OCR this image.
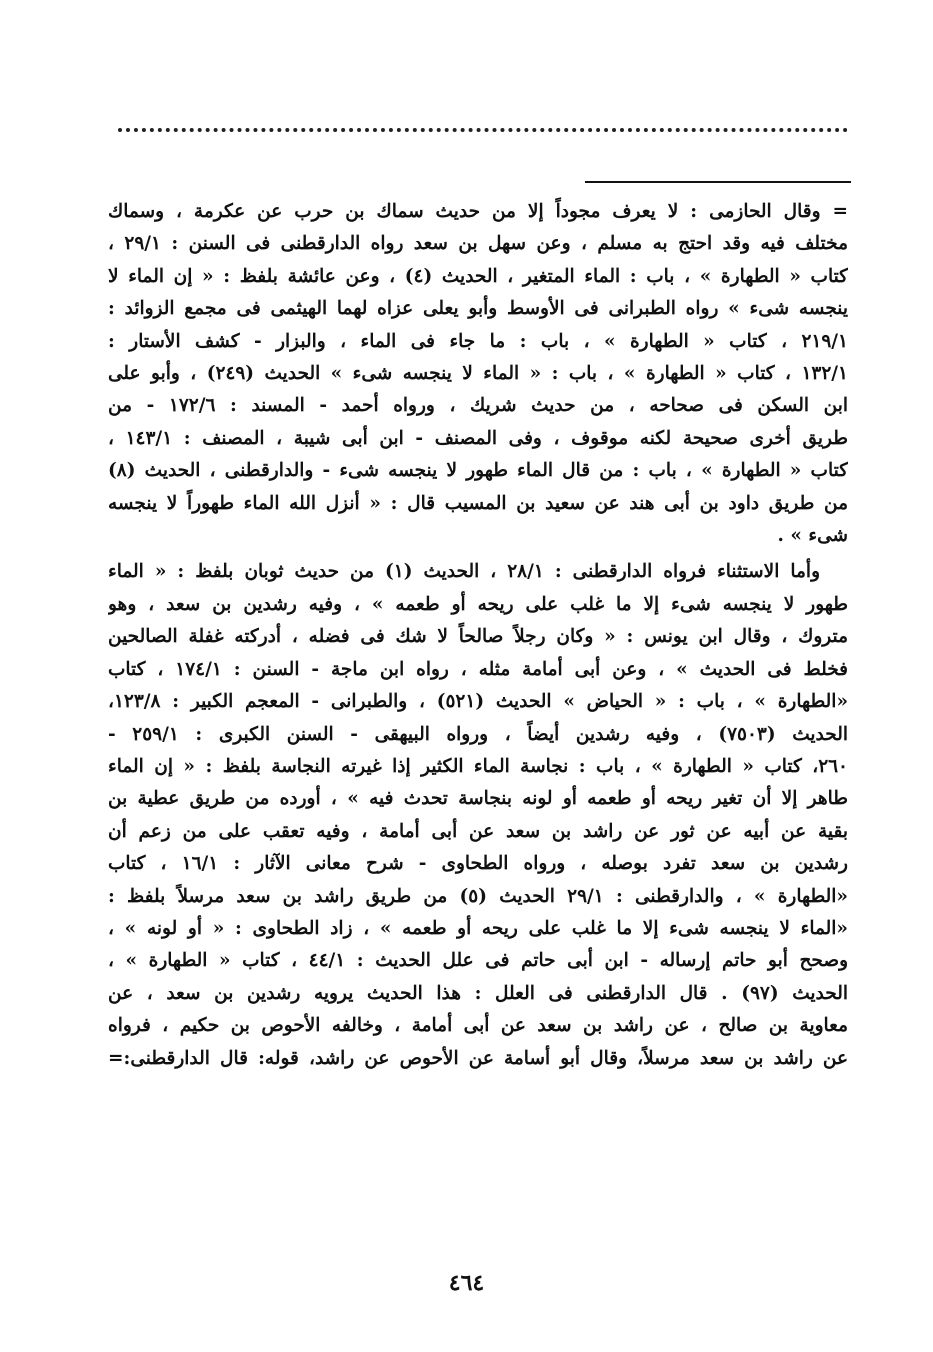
= وقال الحازمى : لا يعرف مجوداً إلا من حديث سماك بن حرب عن عكرمة ، وسماك
مختلف فيه وقد احتج به مسلم ، وعن سهل بن سعد رواه الدارقطنى فى السنن : ٢٩/١ ،
كتاب « الطهارة » ، باب : الماء المتغير ، الحديث (٤) ، وعن عائشة بلفظ : « إن الماء لا
ينجسه شىء » رواه الطبرانى فى الأوسط وأبو يعلى عزاه لهما الهيثمى فى مجمع الزوائد :
٢١٩/١ ، كتاب « الطهارة » ، باب : ما جاء فى الماء ، والبزار - كشف الأستار :
١٣٢/١ ، كتاب « الطهارة » ، باب : « الماء لا ينجسه شىء » الحديث (٢٤٩) ، وأبو على
ابن السكن فى صحاحه ، من حديث شريك ، ورواه أحمد - المسند : ١٧٢/٦ - من
طريق أخرى صحيحة لكنه موقوف ، وفى المصنف - ابن أبى شيبة ، المصنف : ١٤٣/١ ،
كتاب « الطهارة » ، باب : من قال الماء طهور لا ينجسه شىء - والدارقطنى ، الحديث (٨)
من طريق داود بن أبى هند عن سعيد بن المسيب قال : « أنزل الله الماء طهوراً لا ينجسه
شىء » .
وأما الاستثناء فرواه الدارقطنى : ٢٨/١ ، الحديث (١) من حديث ثوبان بلفظ : « الماء
طهور لا ينجسه شىء إلا ما غلب على ريحه أو طعمه » ، وفيه رشدين بن سعد ، وهو
متروك ، وقال ابن يونس : « وكان رجلاً صالحاً لا شك فى فضله ، أدركته غفلة الصالحين
فخلط فى الحديث » ، وعن أبى أمامة مثله ، رواه ابن ماجة - السنن : ١٧٤/١ ، كتاب
«الطهارة » ، باب : « الحياض » الحديث (٥٢١) ، والطبرانى - المعجم الكبير : ١٢٣/٨،
الحديث (٧٥٠٣) ، وفيه رشدين أيضاً ، ورواه البيهقى - السنن الكبرى : ٢٥٩/١ -
٢٦٠، كتاب « الطهارة » ، باب : نجاسة الماء الكثير إذا غيرته النجاسة بلفظ : « إن الماء
طاهر إلا أن تغير ريحه أو طعمه أو لونه بنجاسة تحدث فيه » ، أورده من طريق عطية بن
بقية عن أبيه عن ثور عن راشد بن سعد عن أبى أمامة ، وفيه تعقب على من زعم أن
رشدين بن سعد تفرد بوصله ، ورواه الطحاوى - شرح معانى الآثار : ١٦/١ ، كتاب
«الطهارة » ، والدارقطنى : ٢٩/١ الحديث (٥) من طريق راشد بن سعد مرسلاً بلفظ :
«الماء لا ينجسه شىء إلا ما غلب على ريحه أو طعمه » ، زاد الطحاوى : « أو لونه » ،
وصحح أبو حاتم إرساله - ابن أبى حاتم فى علل الحديث : ٤٤/١ ، كتاب « الطهارة » ،
الحديث (٩٧) . قال الدارقطنى فى العلل : هذا الحديث يرويه رشدين بن سعد ، عن
معاوية بن صالح ، عن راشد بن سعد عن أبى أمامة ، وخالفه الأحوص بن حكيم ، فرواه
عن راشد بن سعد مرسلاً، وقال أبو أسامة عن الأحوص عن راشد، قوله: قال الدارقطنى:=
٤٦٤
